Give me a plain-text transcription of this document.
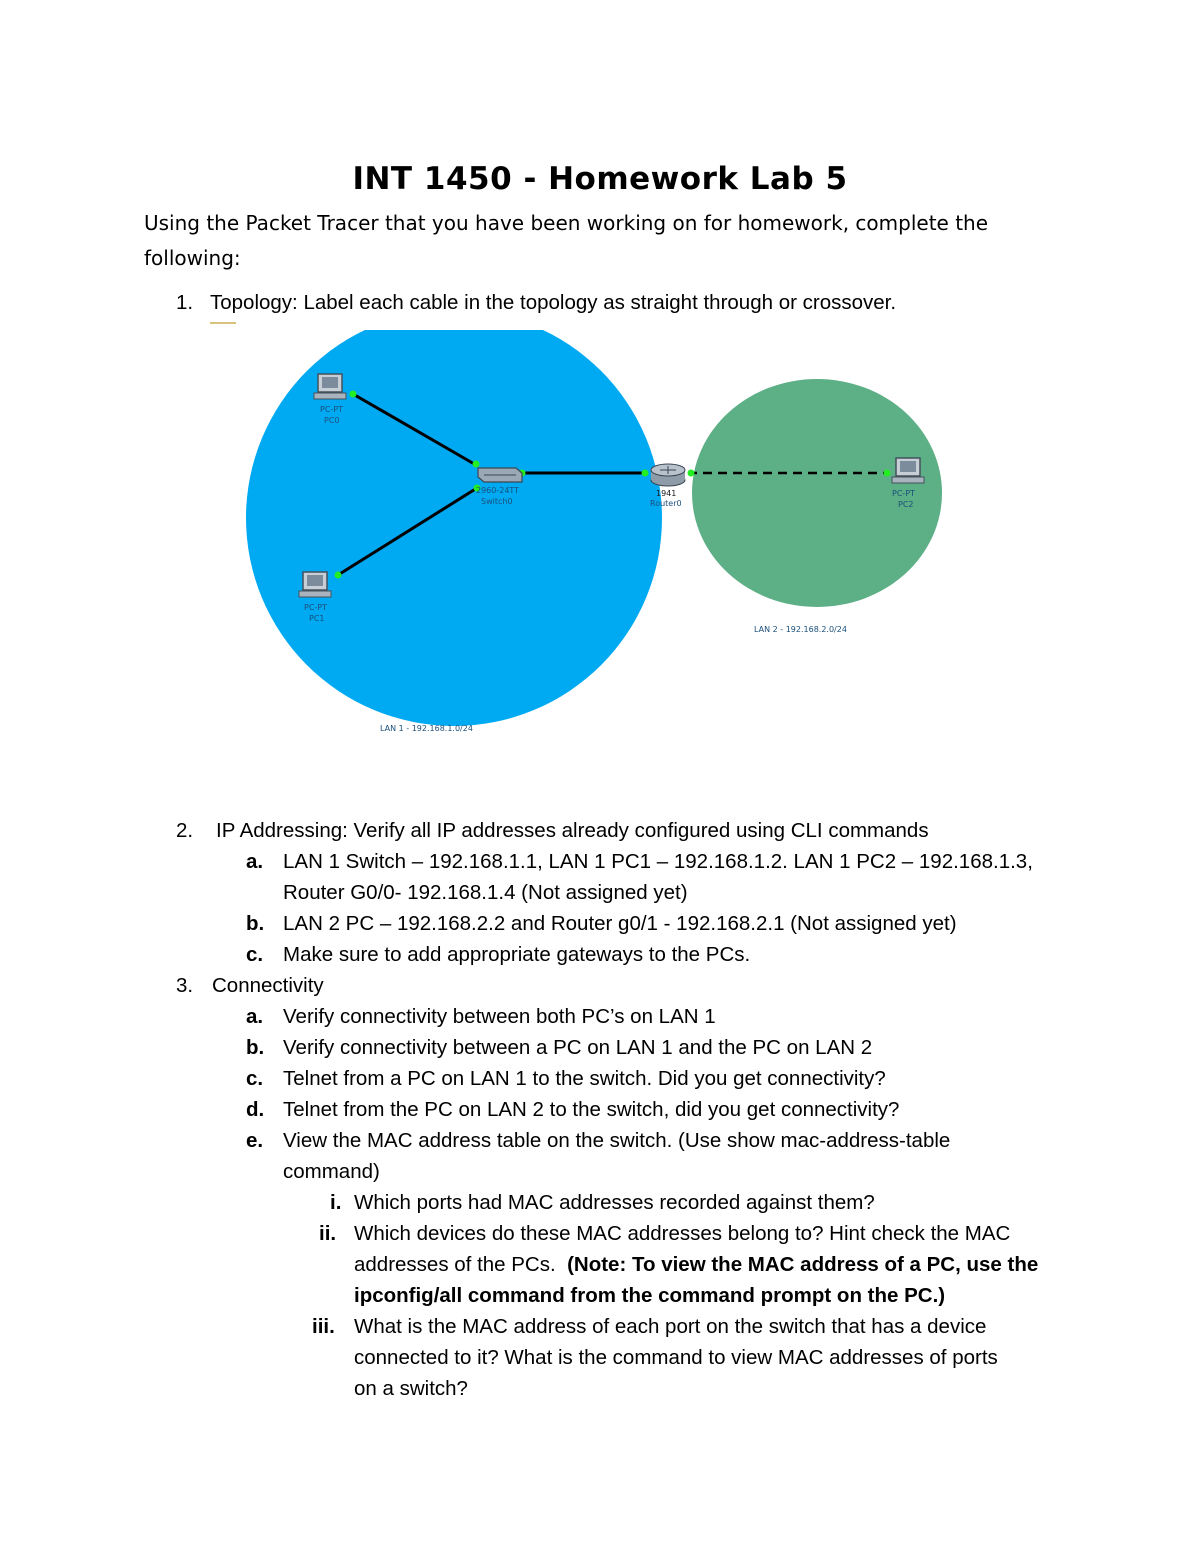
INT 1450 - Homework Lab 5
Using the Packet Tracer that you have been working on for homework, complete the following:
1. Topology: Label each cable in the topology as straight through or crossover.
PC-PT
PC0
PC-PT
PC1
2960-24TT
Switch0
1941
Router0
PC-PT
PC2
LAN 2 - 192.168.2.0/24
LAN 1 - 192.168.1.0/24
2. IP Addressing: Verify all IP addresses already configured using CLI commands
a. LAN 1 Switch – 192.168.1.1, LAN 1 PC1 – 192.168.1.2. LAN 1 PC2 – 192.168.1.3,
Router G0/0- 192.168.1.4 (Not assigned yet)
b. LAN 2 PC – 192.168.2.2 and Router g0/1 - 192.168.2.1 (Not assigned yet)
c. Make sure to add appropriate gateways to the PCs.
3. Connectivity
a. Verify connectivity between both PC’s on LAN 1
b. Verify connectivity between a PC on LAN 1 and the PC on LAN 2
c. Telnet from a PC on LAN 1 to the switch. Did you get connectivity?
d. Telnet from the PC on LAN 2 to the switch, did you get connectivity?
e. View the MAC address table on the switch. (Use show mac-address-table
command)
i. Which ports had MAC addresses recorded against them?
ii. Which devices do these MAC addresses belong to? Hint check the MAC
addresses of the PCs.  (Note: To view the MAC address of a PC, use the
ipconfig/all command from the command prompt on the PC.)
iii. What is the MAC address of each port on the switch that has a device
connected to it? What is the command to view MAC addresses of ports
on a switch?
